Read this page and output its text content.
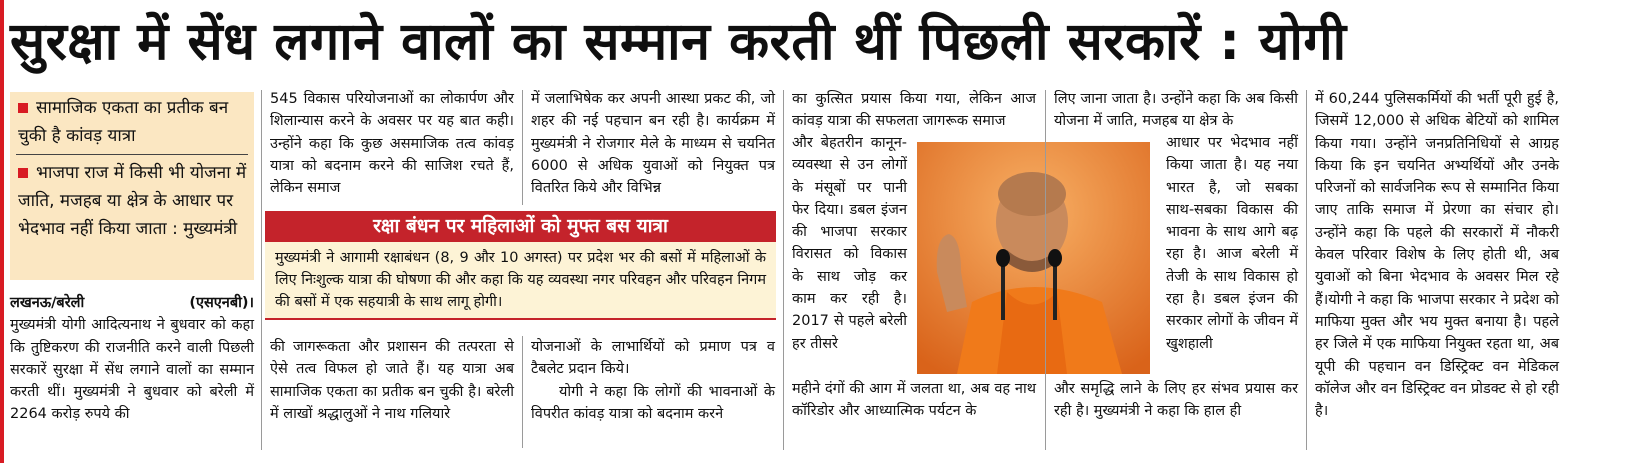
सुरक्षा में सेंध लगाने वालों का सम्मान करती थीं पिछली सरकारें : योगी
सामाजिक एकता का प्रतीक बन चुकी है कांवड़ यात्रा
भाजपा राज में किसी भी योजना में जाति, मजहब या क्षेत्र के आधार पर भेदभाव नहीं किया जाता : मुख्यमंत्री
लखनऊ/बरेली	(एसएनबी)।
मुख्यमंत्री योगी आदित्यनाथ ने बुधवार को कहा कि तुष्टिकरण की राजनीति करने वाली पिछली सरकारें सुरक्षा में सेंध लगाने वालों का सम्मान करती थीं। मुख्यमंत्री ने बुधवार को बरेली में 2264 करोड़ रुपये की

545 विकास परियोजनाओं का लोकार्पण और शिलान्यास करने के अवसर पर यह बात कही। उन्होंने कहा कि कुछ असमाजिक तत्व कांवड़ यात्रा को बदनाम करने की साजिश रचते हैं, लेकिन समाज

में जलाभिषेक कर अपनी आस्था प्रकट की, जो शहर की नई पहचान बन रही है। कार्यक्रम में मुख्यमंत्री ने रोजगार मेले के माध्यम से चयनित 6000 से अधिक युवाओं को नियुक्त पत्र वितरित किये और विभिन्न

रक्षा बंधन पर महिलाओं को मुफ्त बस यात्रा
मुख्यमंत्री ने आगामी रक्षाबंधन (8, 9 और 10 अगस्त) पर प्रदेश भर की बसों में महिलाओं के लिए निःशुल्क यात्रा की घोषणा की और कहा कि यह व्यवस्था नगर परिवहन और परिवहन निगम की बसों में एक सहयात्री के साथ लागू होगी।

की जागरूकता और प्रशासन की तत्परता से ऐसे तत्व विफल हो जाते हैं। यह यात्रा अब सामाजिक एकता का प्रतीक बन चुकी है। बरेली में लाखों श्रद्धालुओं ने नाथ गलियारे

योजनाओं के लाभार्थियों को प्रमाण पत्र व टैबलेट प्रदान किये।
योगी ने कहा कि लोगों की भावनाओं के विपरीत कांवड़ यात्रा को बदनाम करने

का कुत्सित प्रयास किया गया, लेकिन आज कांवड़ यात्रा की सफलता जागरूक समाज

और बेहतरीन कानून-व्यवस्था से उन लोगों के मंसूबों पर पानी फेर दिया। डबल इंजन की भाजपा सरकार विरासत को विकास के साथ जोड़ कर काम कर रही है। 2017 से पहले बरेली हर तीसरे

महीने दंगों की आग में जलता था, अब वह नाथ कॉरिडोर और आध्यात्मिक पर्यटन के

लिए जाना जाता है। उन्होंने कहा कि अब किसी योजना में जाति, मजहब या क्षेत्र के

आधार पर भेदभाव नहीं किया जाता है। यह नया भारत है, जो सबका साथ-सबका विकास की भावना के साथ आगे बढ़ रहा है। आज बरेली में तेजी के साथ विकास हो रहा है। डबल इंजन की सरकार लोगों के जीवन में खुशहाली

और समृद्धि लाने के लिए हर संभव प्रयास कर रही है। मुख्यमंत्री ने कहा कि हाल ही

में 60,244 पुलिसकर्मियों की भर्ती पूरी हुई है, जिसमें 12,000 से अधिक बेटियों को शामिल किया गया। उन्होंने जनप्रतिनिधियों से आग्रह किया कि इन चयनित अभ्यर्थियों और उनके परिजनों को सार्वजनिक रूप से सम्मानित किया जाए ताकि समाज में प्रेरणा का संचार हो। उन्होंने कहा कि पहले की सरकारों में नौकरी केवल परिवार विशेष के लिए होती थी, अब युवाओं को बिना भेदभाव के अवसर मिल रहे हैं।योगी ने कहा कि भाजपा सरकार ने प्रदेश को माफिया मुक्त और भय मुक्त बनाया है। पहले हर जिले में एक माफिया नियुक्त रहता था, अब यूपी की पहचान वन डिस्ट्रिक्ट वन मेडिकल कॉलेज और वन डिस्ट्रिक्ट वन प्रोडक्ट से हो रही है।
